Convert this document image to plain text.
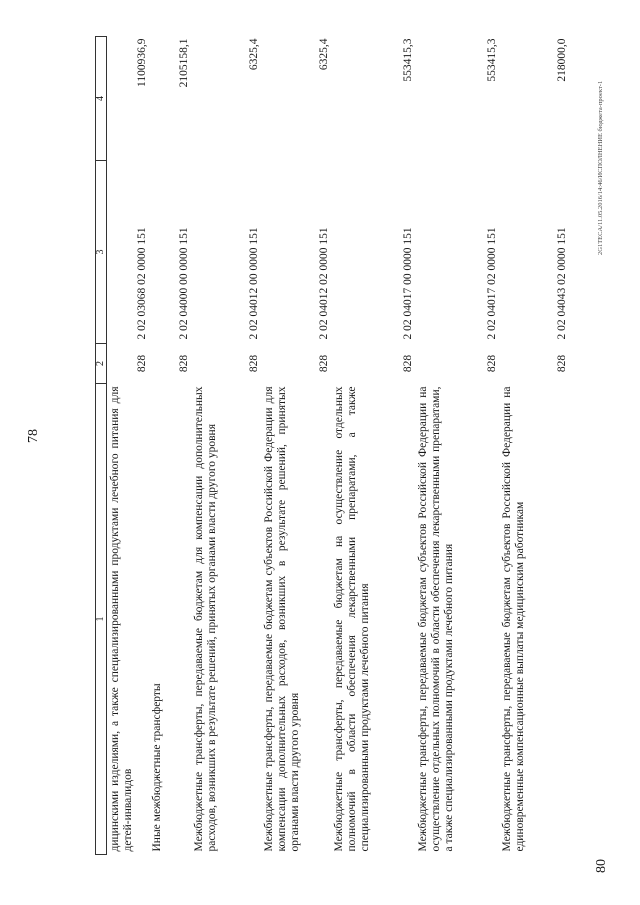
78
80
2G1TECA/11.05.2016/14:46/ИСПОЛНЕНИЕ бюджета-проект-1
1	2	3	4
дицинскими изделиями, а также специализированными продуктами лечебного питания для детей-инвалидов	828	2 02 03068 02 0000 151	1100936,9
Иные межбюджетные трансферты	828	2 02 04000 00 0000 151	2105158,1
Межбюджетные трансферты, передаваемые бюджетам для компенсации дополнительных расходов, возникших в результате решений, принятых органами власти другого уровня	828	2 02 04012 00 0000 151	6325,4
Межбюджетные трансферты, передаваемые бюджетам субъектов Российской Федерации для компенсации дополнительных расходов, возникших в результате решений, принятых органами власти другого уровня	828	2 02 04012 02 0000 151	6325,4
Межбюджетные трансферты, передаваемые бюджетам на осуществление отдельных полномочий в области обеспечения лекарственными препаратами, а также специализированными продуктами лечебного питания	828	2 02 04017 00 0000 151	553415,3
Межбюджетные трансферты, передаваемые бюджетам субъектов Российской Федерации на осуществление отдельных полномочий в области обеспечения лекарственными препаратами, а также специализированными продуктами лечебного питания	828	2 02 04017 02 0000 151	553415,3
Межбюджетные трансферты, передаваемые бюджетам субъектов Российской Федерации на единовременные компенсационные выплаты медицинским работникам	828	2 02 04043 02 0000 151	218000,0
